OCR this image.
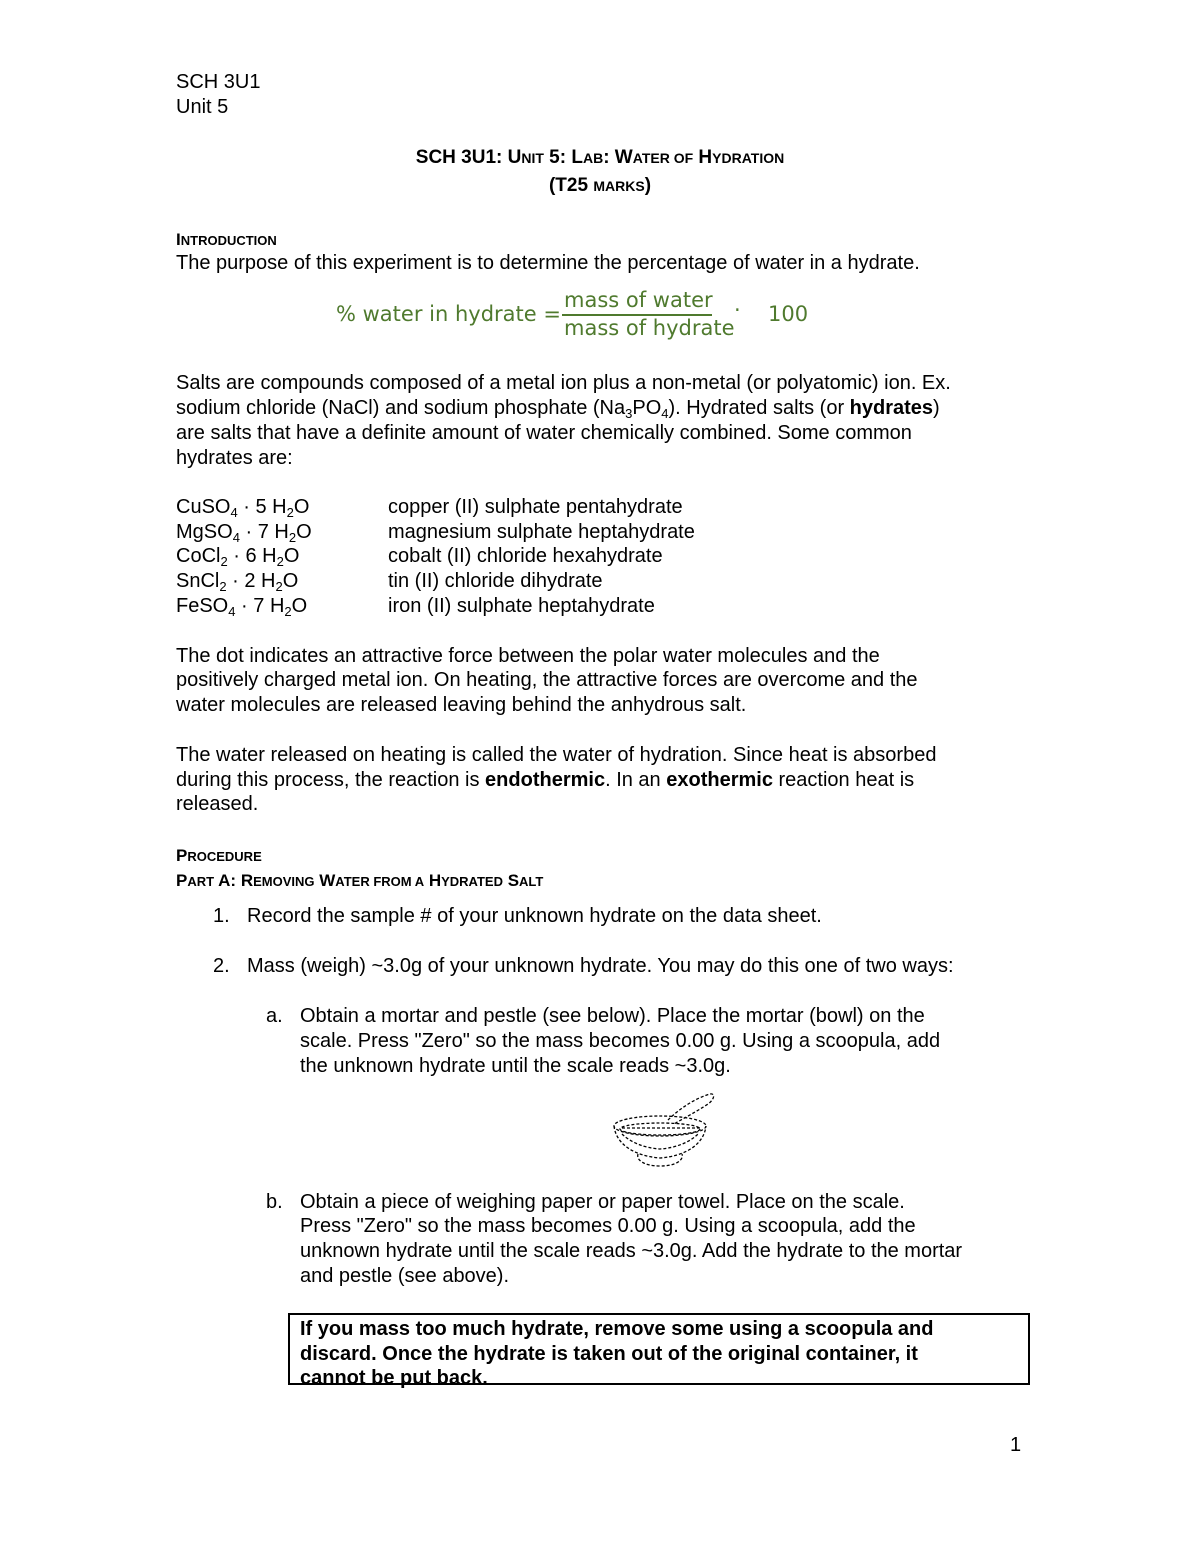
SCH 3U1
Unit 5
SCH 3U1: UNIT 5: LAB: WATER OF HYDRATION
(T25 MARKS)
INTRODUCTION
The purpose of this experiment is to determine the percentage of water in a hydrate.
% water in hydrate =
mass of water
mass of hydrate
· 100
Salts are compounds composed of a metal ion plus a non-metal (or polyatomic) ion. Ex.
sodium chloride (NaCl) and sodium phosphate $(Na_3PO_4)$. Hydrated salts (or hydrates)
are salts that have a definite amount of water chemically combined. Some common
hydrates are:
CuSO$_4$ · 5 $H_2O$	copper (II) sulphate pentahydrate
MgSO$_4$ · 7 $H_2O$	magnesium sulphate heptahydrate
CoCl$_2$ · 6 $H_2O$	cobalt (II) chloride hexahydrate
SnCl$_2$ · 2 $H_2O$	tin (II) chloride dihydrate
FeSO$_4$ · 7 $H_2O$	iron (II) sulphate heptahydrate
The dot indicates an attractive force between the polar water molecules and the
positively charged metal ion. On heating, the attractive forces are overcome and the
water molecules are released leaving behind the anhydrous salt.
The water released on heating is called the water of hydration. Since heat is absorbed
during this process, the reaction is endothermic. In an exothermic reaction heat is
released.
PROCEDURE
PART A: REMOVING WATER FROM A HYDRATED SALT
1. Record the sample # of your unknown hydrate on the data sheet.
2. Mass (weigh) ~3.0g of your unknown hydrate. You may do this one of two ways:
a. Obtain a mortar and pestle (see below). Place the mortar (bowl) on the
scale. Press "Zero" so the mass becomes 0.00 g. Using a scoopula, add
the unknown hydrate until the scale reads ~3.0g.
b. Obtain a piece of weighing paper or paper towel. Place on the scale.
Press "Zero" so the mass becomes 0.00 g. Using a scoopula, add the
unknown hydrate until the scale reads ~3.0g. Add the hydrate to the mortar
and pestle (see above).
If you mass too much hydrate, remove some using a scoopula and
discard. Once the hydrate is taken out of the original container, it
cannot be put back.
1
